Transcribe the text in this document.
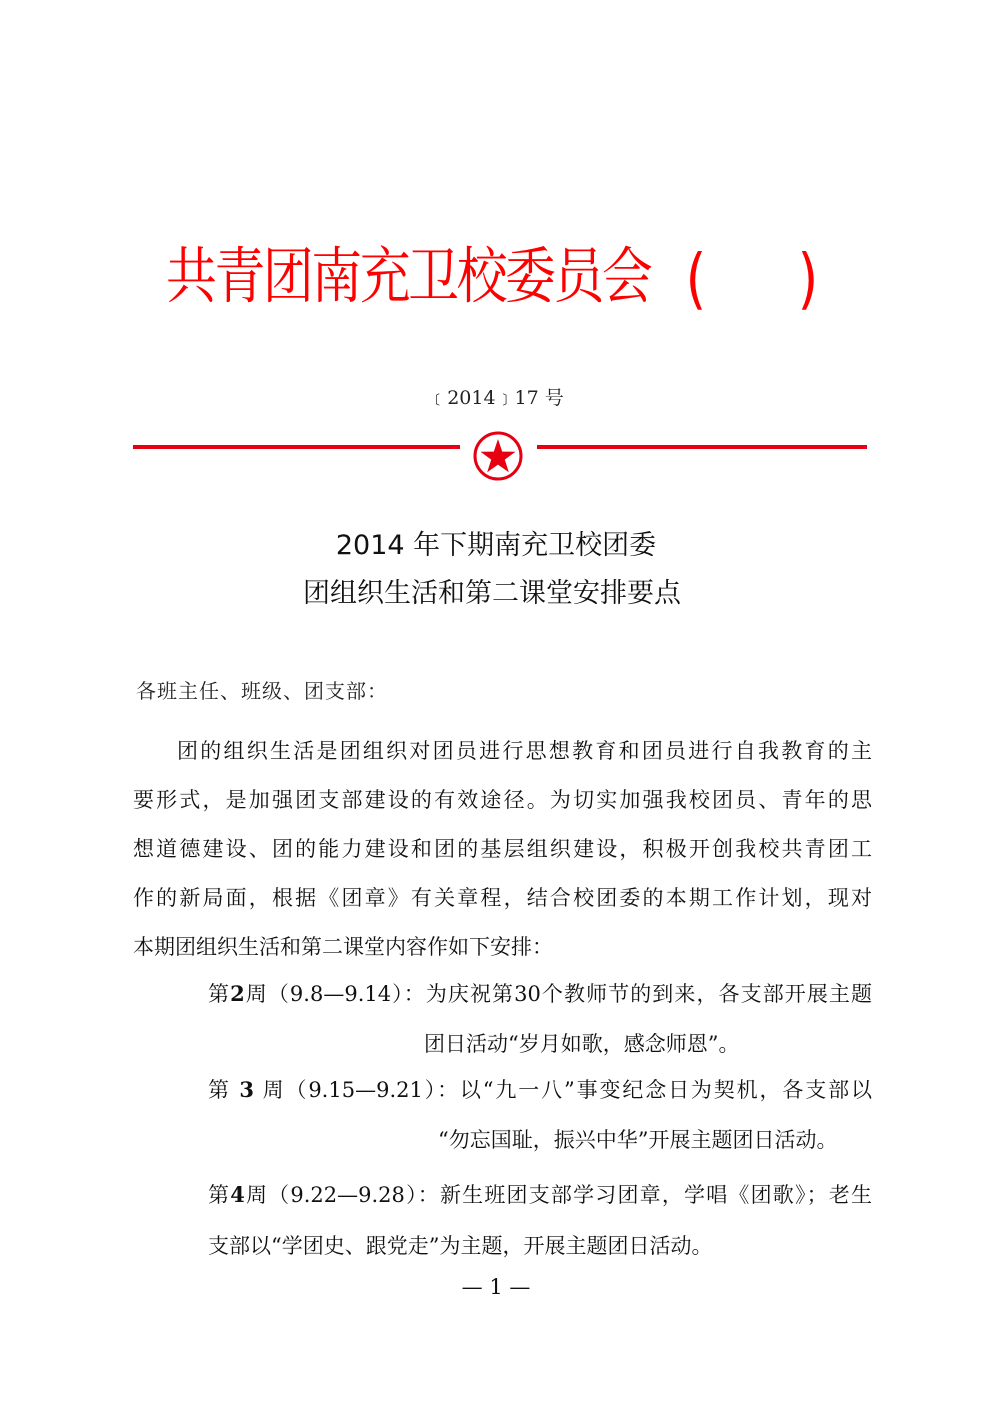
共青团南充卫校委员会 ( )
﹝2014﹞17 号
2014 年下期南充卫校团委
团组织生活和第二课堂安排要点
各班主任、班级、团支部：
团的组织生活是团组织对团员进行思想教育和团员进行自我教育的主
要形式，是加强团支部建设的有效途径。为切实加强我校团员、青年的思
想道德建设、团的能力建设和团的基层组织建设，积极开创我校共青团工
作的新局面，根据《团章》有关章程，结合校团委的本期工作计划，现对
本期团组织生活和第二课堂内容作如下安排：
第2周（9.8—9.14）：为庆祝第30个教师节的到来，各支部开展主题
团日活动“岁月如歌，感念师恩”。
第 3 周（9.15—9.21）：以“九一八”事变纪念日为契机，各支部以
“勿忘国耻，振兴中华”开展主题团日活动。
第4周（9.22—9.28）：新生班团支部学习团章，学唱《团歌》；老生
支部以“学团史、跟党走”为主题，开展主题团日活动。
— 1 —
